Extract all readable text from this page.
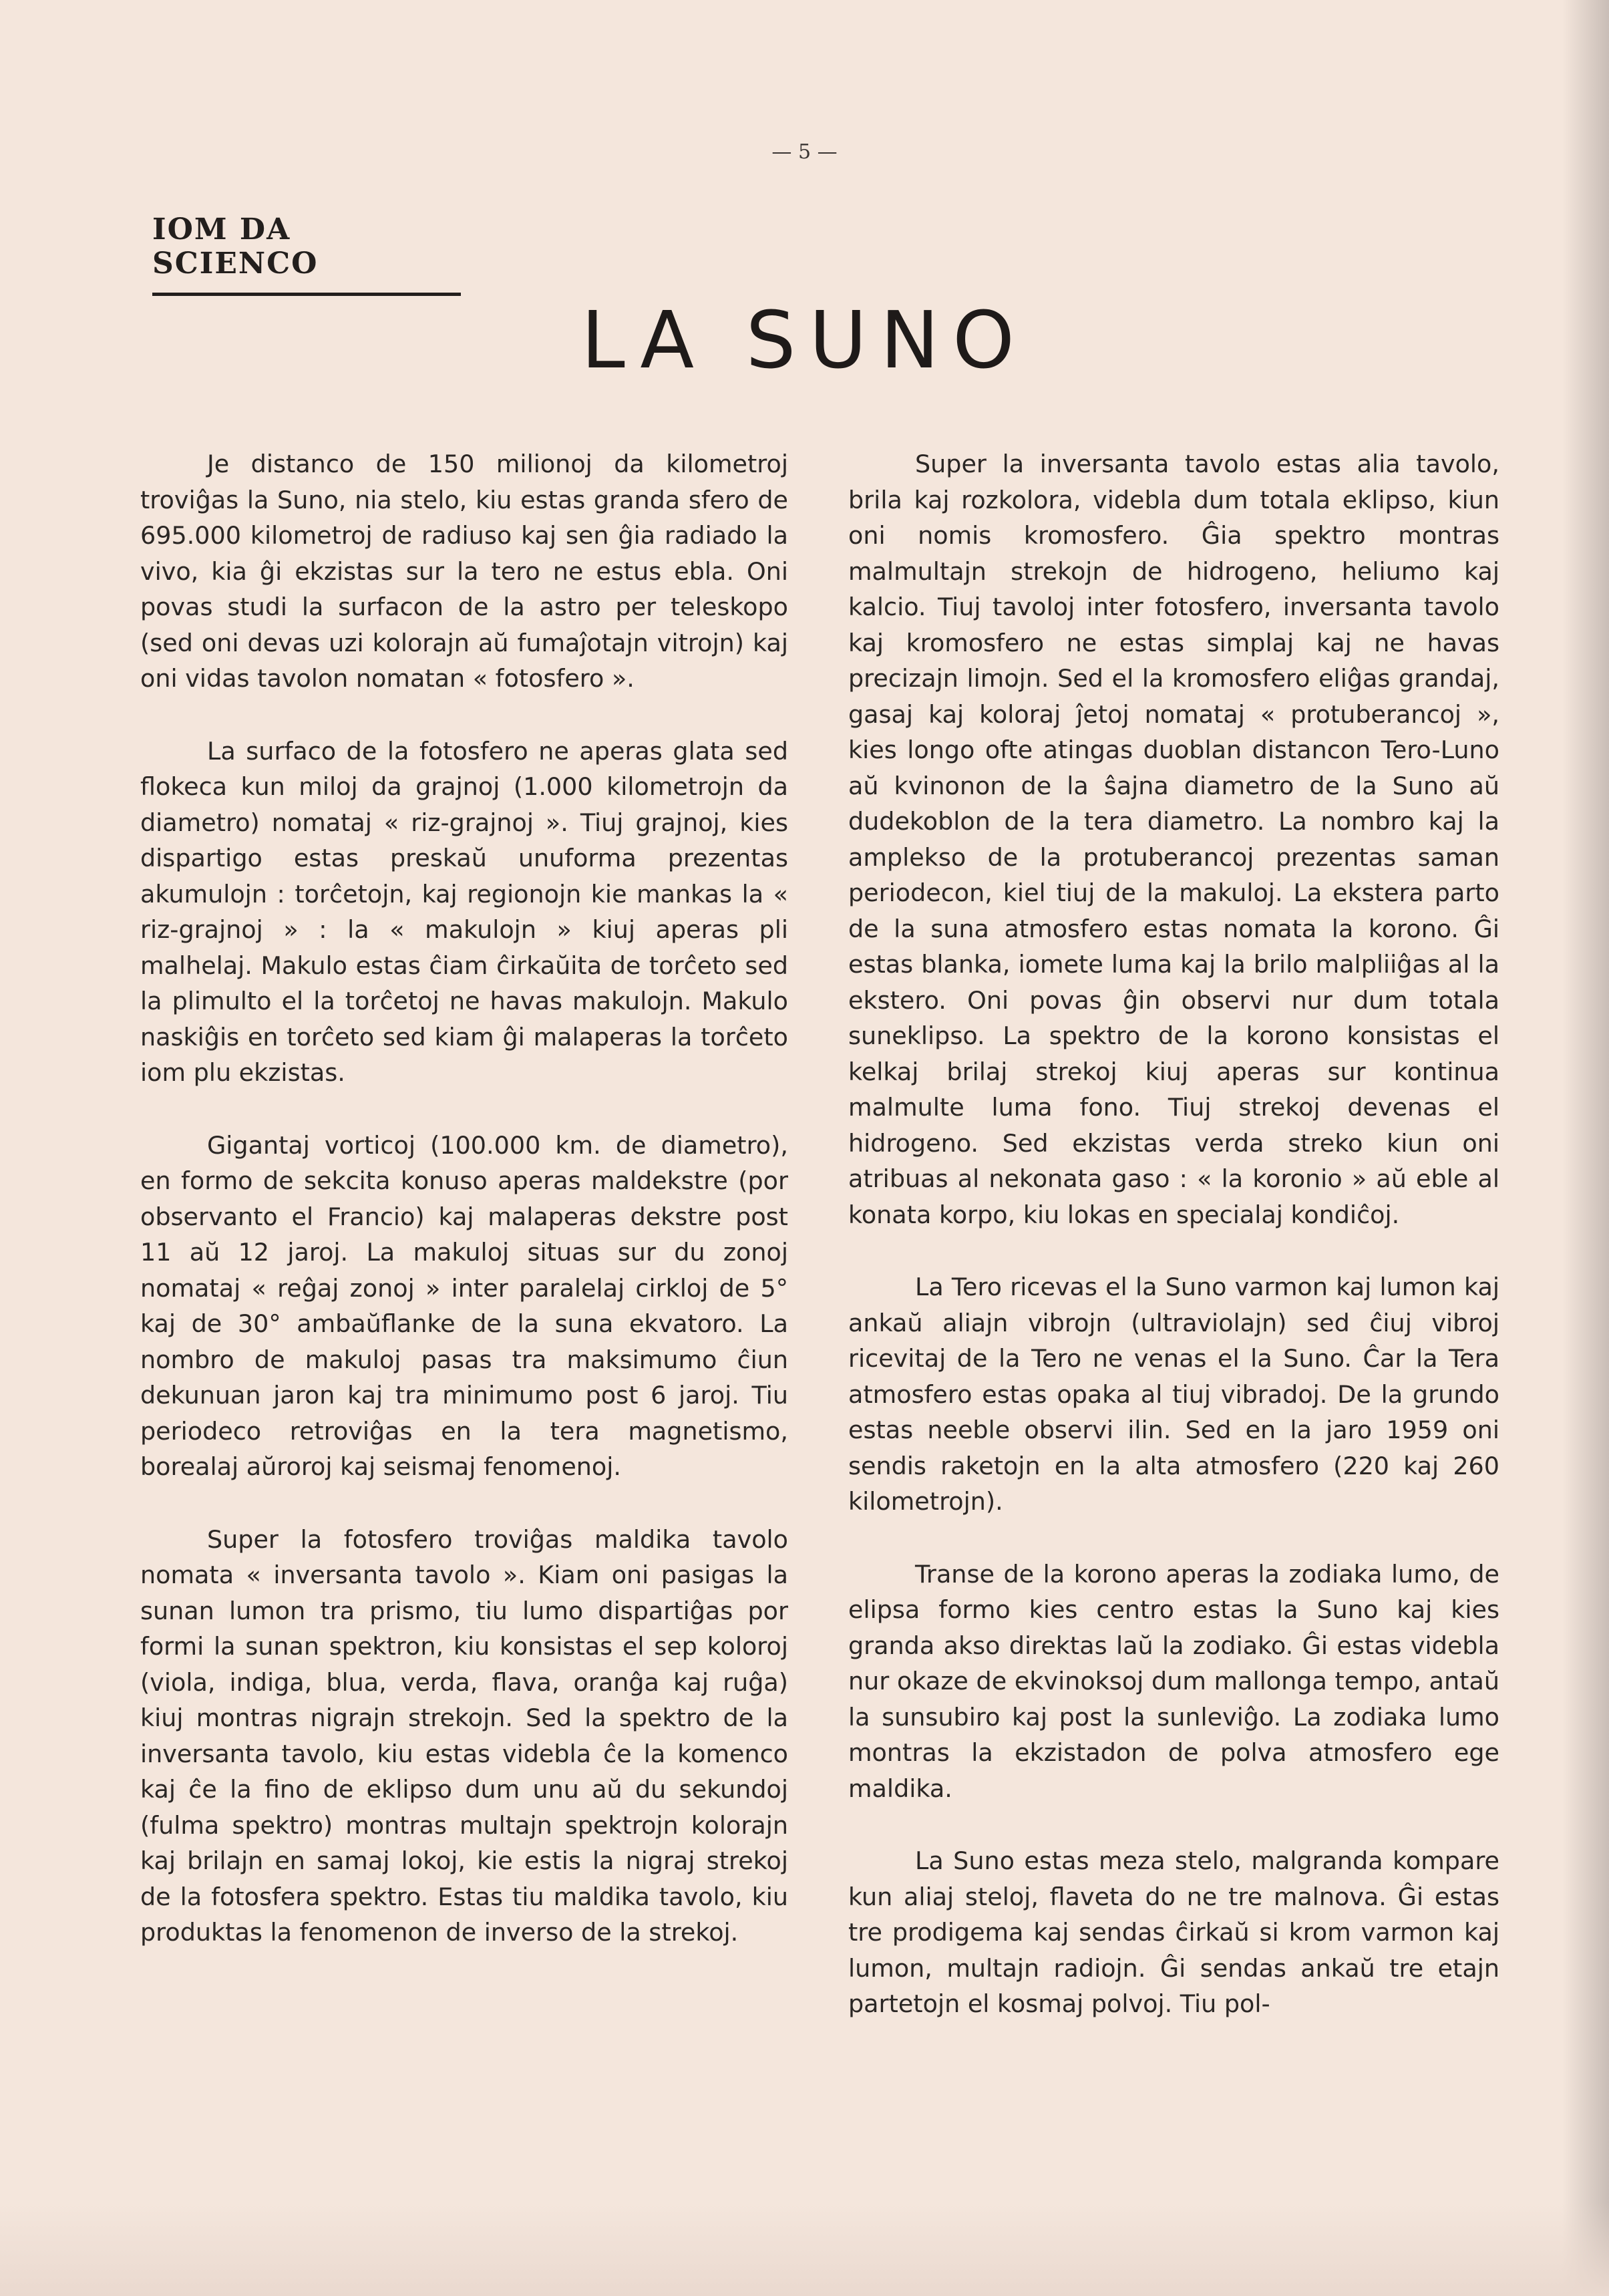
— 5 —
IOM DA SCIENCO
LA SUNO

Je distanco de 150 milionoj da kilometroj troviĝas la Suno, nia stelo, kiu estas granda sfero de 695.000 kilometroj de radiuso kaj sen ĝia radiado la vivo, kia ĝi ekzistas sur la tero ne estus ebla. Oni povas studi la surfacon de la astro per teleskopo (sed oni devas uzi kolorajn aŭ fumaĵotajn vitrojn) kaj oni vidas tavolon nomatan « fotosfero ».

La surfaco de la fotosfero ne aperas glata sed flokeca kun miloj da grajnoj (1.000 kilometrojn da diametro) nomataj « riz-grajnoj ». Tiuj grajnoj, kies dispartigo estas preskaŭ unuforma prezentas akumulojn : torĉetojn, kaj regionojn kie mankas la « riz-grajnoj » : la « makulojn » kiuj aperas pli malhelaj. Makulo estas ĉiam ĉirkaŭita de torĉeto sed la plimulto el la torĉetoj ne havas makulojn. Makulo naskiĝis en torĉeto sed kiam ĝi malaperas la torĉeto iom plu ekzistas.

Gigantaj vorticoj (100.000 km. de diametro), en formo de sekcita konuso aperas maldekstre (por observanto el Francio) kaj malaperas dekstre post 11 aŭ 12 jaroj. La makuloj situas sur du zonoj nomataj « reĝaj zonoj » inter paralelaj cirkloj de 5° kaj de 30° ambaŭflanke de la suna ekvatoro. La nombro de makuloj pasas tra maksimumo ĉiun dekunuan jaron kaj tra minimumo post 6 jaroj. Tiu periodeco retroviĝas en la tera magnetismo, borealaj aŭroroj kaj seismaj fenomenoj.

Super la fotosfero troviĝas maldika tavolo nomata « inversanta tavolo ». Kiam oni pasigas la sunan lumon tra prismo, tiu lumo dispartiĝas por formi la sunan spektron, kiu konsistas el sep koloroj (viola, indiga, blua, verda, flava, oranĝa kaj ruĝa) kiuj montras nigrajn strekojn. Sed la spektro de la inversanta tavolo, kiu estas videbla ĉe la komenco kaj ĉe la fino de eklipso dum unu aŭ du sekundoj (fulma spektro) montras multajn spektrojn kolorajn kaj brilajn en samaj lokoj, kie estis la nigraj strekoj de la fotosfera spektro. Estas tiu maldika tavolo, kiu produktas la fenomenon de inverso de la strekoj.

Super la inversanta tavolo estas alia tavolo, brila kaj rozkolora, videbla dum totala eklipso, kiun oni nomis kromosfero. Ĝia spektro montras malmultajn strekojn de hidrogeno, heliumo kaj kalcio. Tiuj tavoloj inter fotosfero, inversanta tavolo kaj kromosfero ne estas simplaj kaj ne havas precizajn limojn. Sed el la kromosfero eliĝas grandaj, gasaj kaj koloraj ĵetoj nomataj « protuberancoj », kies longo ofte atingas duoblan distancon Tero-Luno aŭ kvinonon de la ŝajna diametro de la Suno aŭ dudekoblon de la tera diametro. La nombro kaj la amplekso de la protuberancoj prezentas saman periodecon, kiel tiuj de la makuloj. La ekstera parto de la suna atmosfero estas nomata la korono. Ĝi estas blanka, iomete luma kaj la brilo malpliiĝas al la ekstero. Oni povas ĝin observi nur dum totala suneklipso. La spektro de la korono konsistas el kelkaj brilaj strekoj kiuj aperas sur kontinua malmulte luma fono. Tiuj strekoj devenas el hidrogeno. Sed ekzistas verda streko kiun oni atribuas al nekonata gaso : « la koronio » aŭ eble al konata korpo, kiu lokas en specialaj kondiĉoj.

La Tero ricevas el la Suno varmon kaj lumon kaj ankaŭ aliajn vibrojn (ultraviolajn) sed ĉiuj vibroj ricevitaj de la Tero ne venas el la Suno. Ĉar la Tera atmosfero estas opaka al tiuj vibradoj. De la grundo estas neeble observi ilin. Sed en la jaro 1959 oni sendis raketojn en la alta atmosfero (220 kaj 260 kilometrojn).

Transe de la korono aperas la zodiaka lumo, de elipsa formo kies centro estas la Suno kaj kies granda akso direktas laŭ la zodiako. Ĝi estas videbla nur okaze de ekvinoksoj dum mallonga tempo, antaŭ la sunsubiro kaj post la sunleviĝo. La zodiaka lumo montras la ekzistadon de polva atmosfero ege maldika.

La Suno estas meza stelo, malgranda kompare kun aliaj steloj, flaveta do ne tre malnova. Ĝi estas tre prodigema kaj sendas ĉirkaŭ si krom varmon kaj lumon, multajn radiojn. Ĝi sendas ankaŭ tre etajn partetojn el kosmaj polvoj. Tiu pol-
